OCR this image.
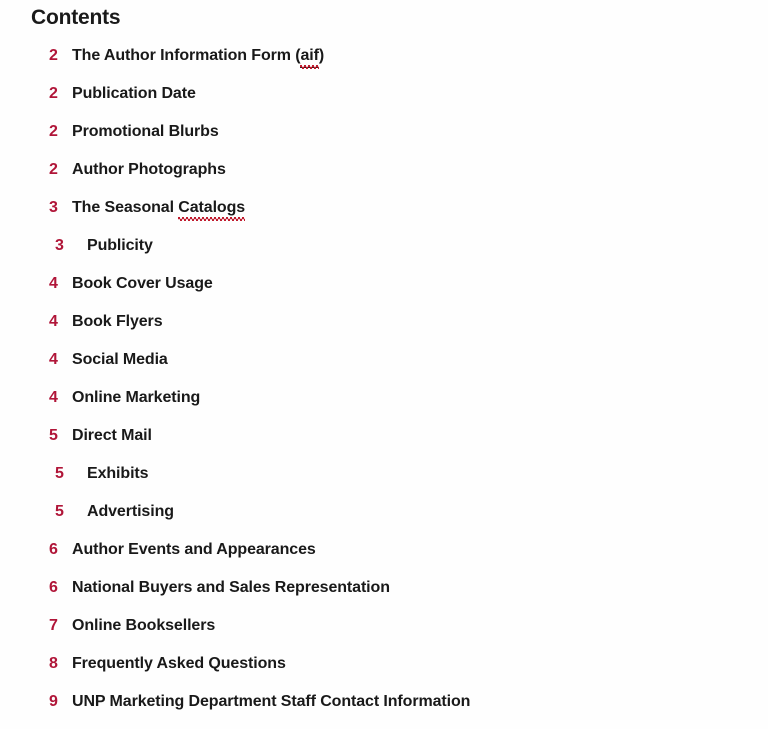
Contents
2 The Author Information Form (aif)
2 Publication Date
2 Promotional Blurbs
2 Author Photographs
3 The Seasonal Catalogs
3	Publicity
4 Book Cover Usage
4 Book Flyers
4 Social Media
4 Online Marketing
5 Direct Mail
5	Exhibits
5	Advertising
6 Author Events and Appearances
6 National Buyers and Sales Representation
7 Online Booksellers
8 Frequently Asked Questions
9 UNP Marketing Department Staff Contact Information
